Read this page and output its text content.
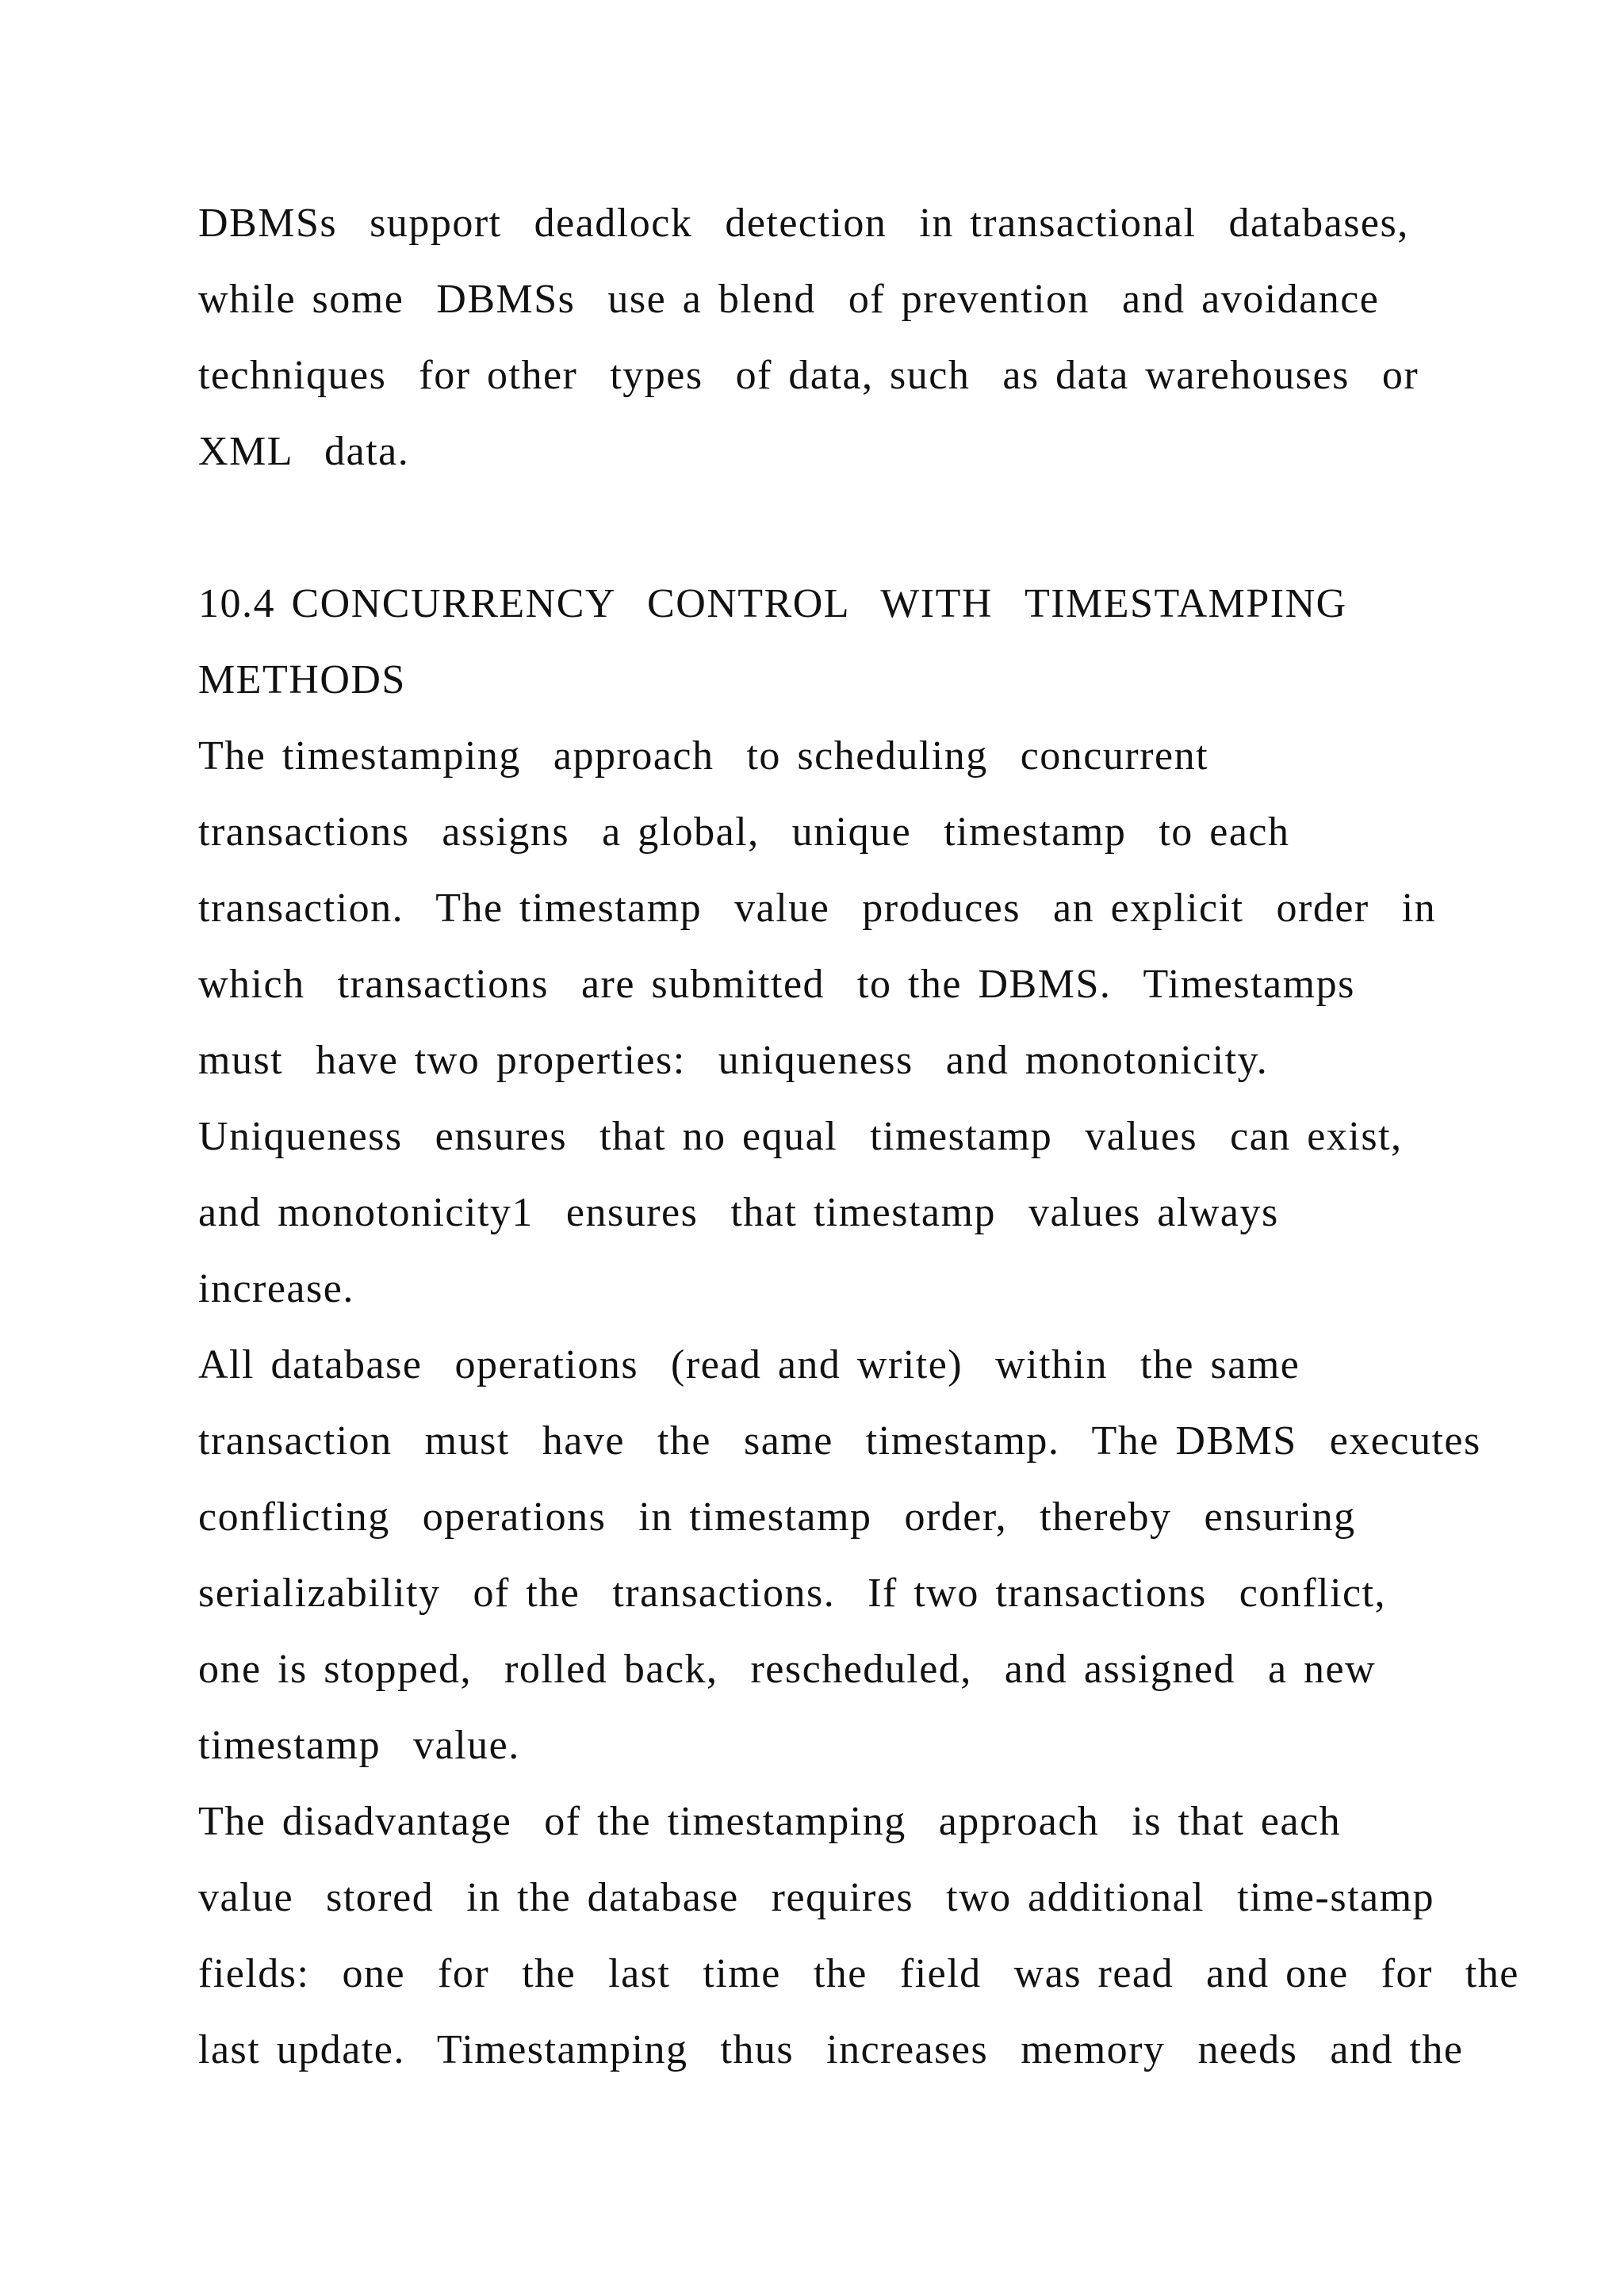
DBMSs  support  deadlock  detection  in transactional  databases,
while some  DBMSs  use a blend  of prevention  and avoidance
techniques  for other  types  of data, such  as data warehouses  or
XML  data.
10.4 CONCURRENCY  CONTROL  WITH  TIMESTAMPING
METHODS
The timestamping  approach  to scheduling  concurrent
transactions  assigns  a global,  unique  timestamp  to each
transaction.  The timestamp  value  produces  an explicit  order  in
which  transactions  are submitted  to the DBMS.  Timestamps
must  have two properties:  uniqueness  and monotonicity.
Uniqueness  ensures  that no equal  timestamp  values  can exist,
and monotonicity1  ensures  that timestamp  values always
increase.
All database  operations  (read and write)  within  the same
transaction  must  have  the  same  timestamp.  The DBMS  executes
conflicting  operations  in timestamp  order,  thereby  ensuring
serializability  of the  transactions.  If two transactions  conflict,
one is stopped,  rolled back,  rescheduled,  and assigned  a new
timestamp  value.
The disadvantage  of the timestamping  approach  is that each
value  stored  in the database  requires  two additional  time-stamp
fields:  one  for  the  last  time  the  field  was read  and one  for  the
last update.  Timestamping  thus  increases  memory  needs  and the
